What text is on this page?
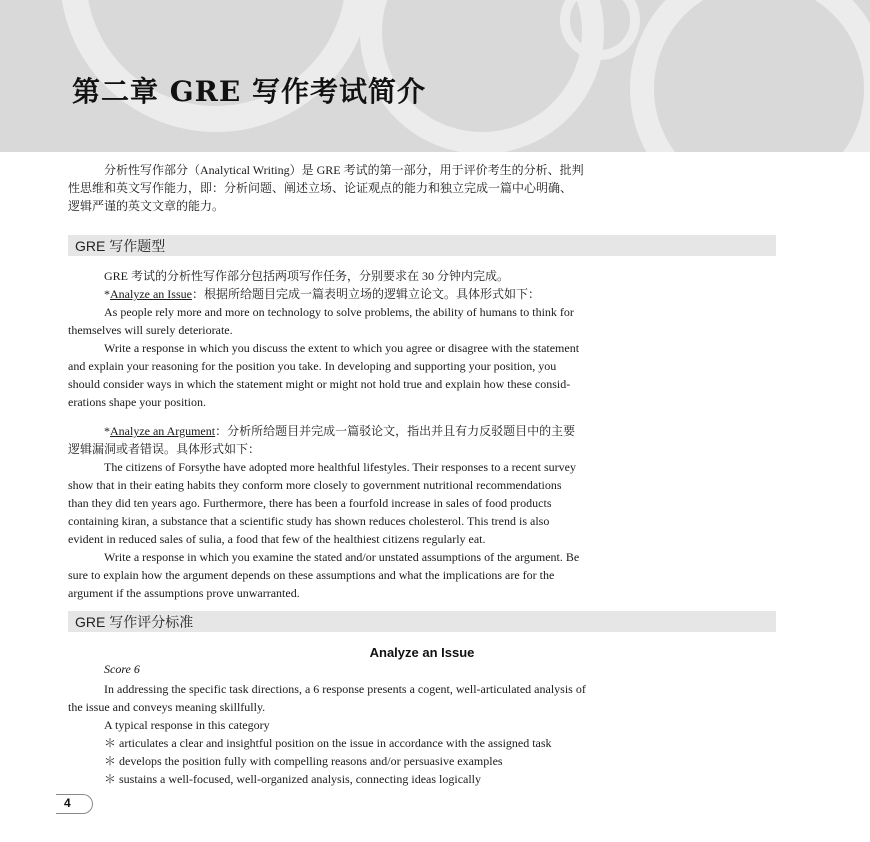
第二章 GRE 写作考试简介

分析性写作部分（Analytical Writing）是 GRE 考试的第一部分，用于评价考生的分析、批判

性思维和英文写作能力，即：分析问题、阐述立场、论证观点的能力和独立完成一篇中心明确、

逻辑严谨的英文文章的能力。

GRE 写作题型

GRE 考试的分析性写作部分包括两项写作任务，分别要求在 30 分钟内完成。

*Analyze an Issue：根据所给题目完成一篇表明立场的逻辑立论文。具体形式如下：

As people rely more and more on technology to solve problems, the ability of humans to think for

themselves will surely deteriorate.

Write a response in which you discuss the extent to which you agree or disagree with the statement

and explain your reasoning for the position you take. In developing and supporting your position, you

should consider ways in which the statement might or might not hold true and explain how these consid-

erations shape your position.

*Analyze an Argument：分析所给题目并完成一篇驳论文，指出并且有力反驳题目中的主要

逻辑漏洞或者错误。具体形式如下：

The citizens of Forsythe have adopted more healthful lifestyles. Their responses to a recent survey

show that in their eating habits they conform more closely to government nutritional recommendations

than they did ten years ago. Furthermore, there has been a fourfold increase in sales of food products

containing kiran, a substance that a scientific study has shown reduces cholesterol. This trend is also

evident in reduced sales of sulia, a food that few of the healthiest citizens regularly eat.

Write a response in which you examine the stated and/or unstated assumptions of the argument. Be

sure to explain how the argument depends on these assumptions and what the implications are for the

argument if the assumptions prove unwarranted.

GRE 写作评分标准
Analyze an Issue
Score 6

In addressing the specific task directions, a 6 response presents a cogent, well-articulated analysis of

the issue and conveys meaning skillfully.

A typical response in this category

＊ articulates a clear and insightful position on the issue in accordance with the assigned task

＊ develops the position fully with compelling reasons and/or persuasive examples

＊ sustains a well-focused, well-organized analysis, connecting ideas logically

4
